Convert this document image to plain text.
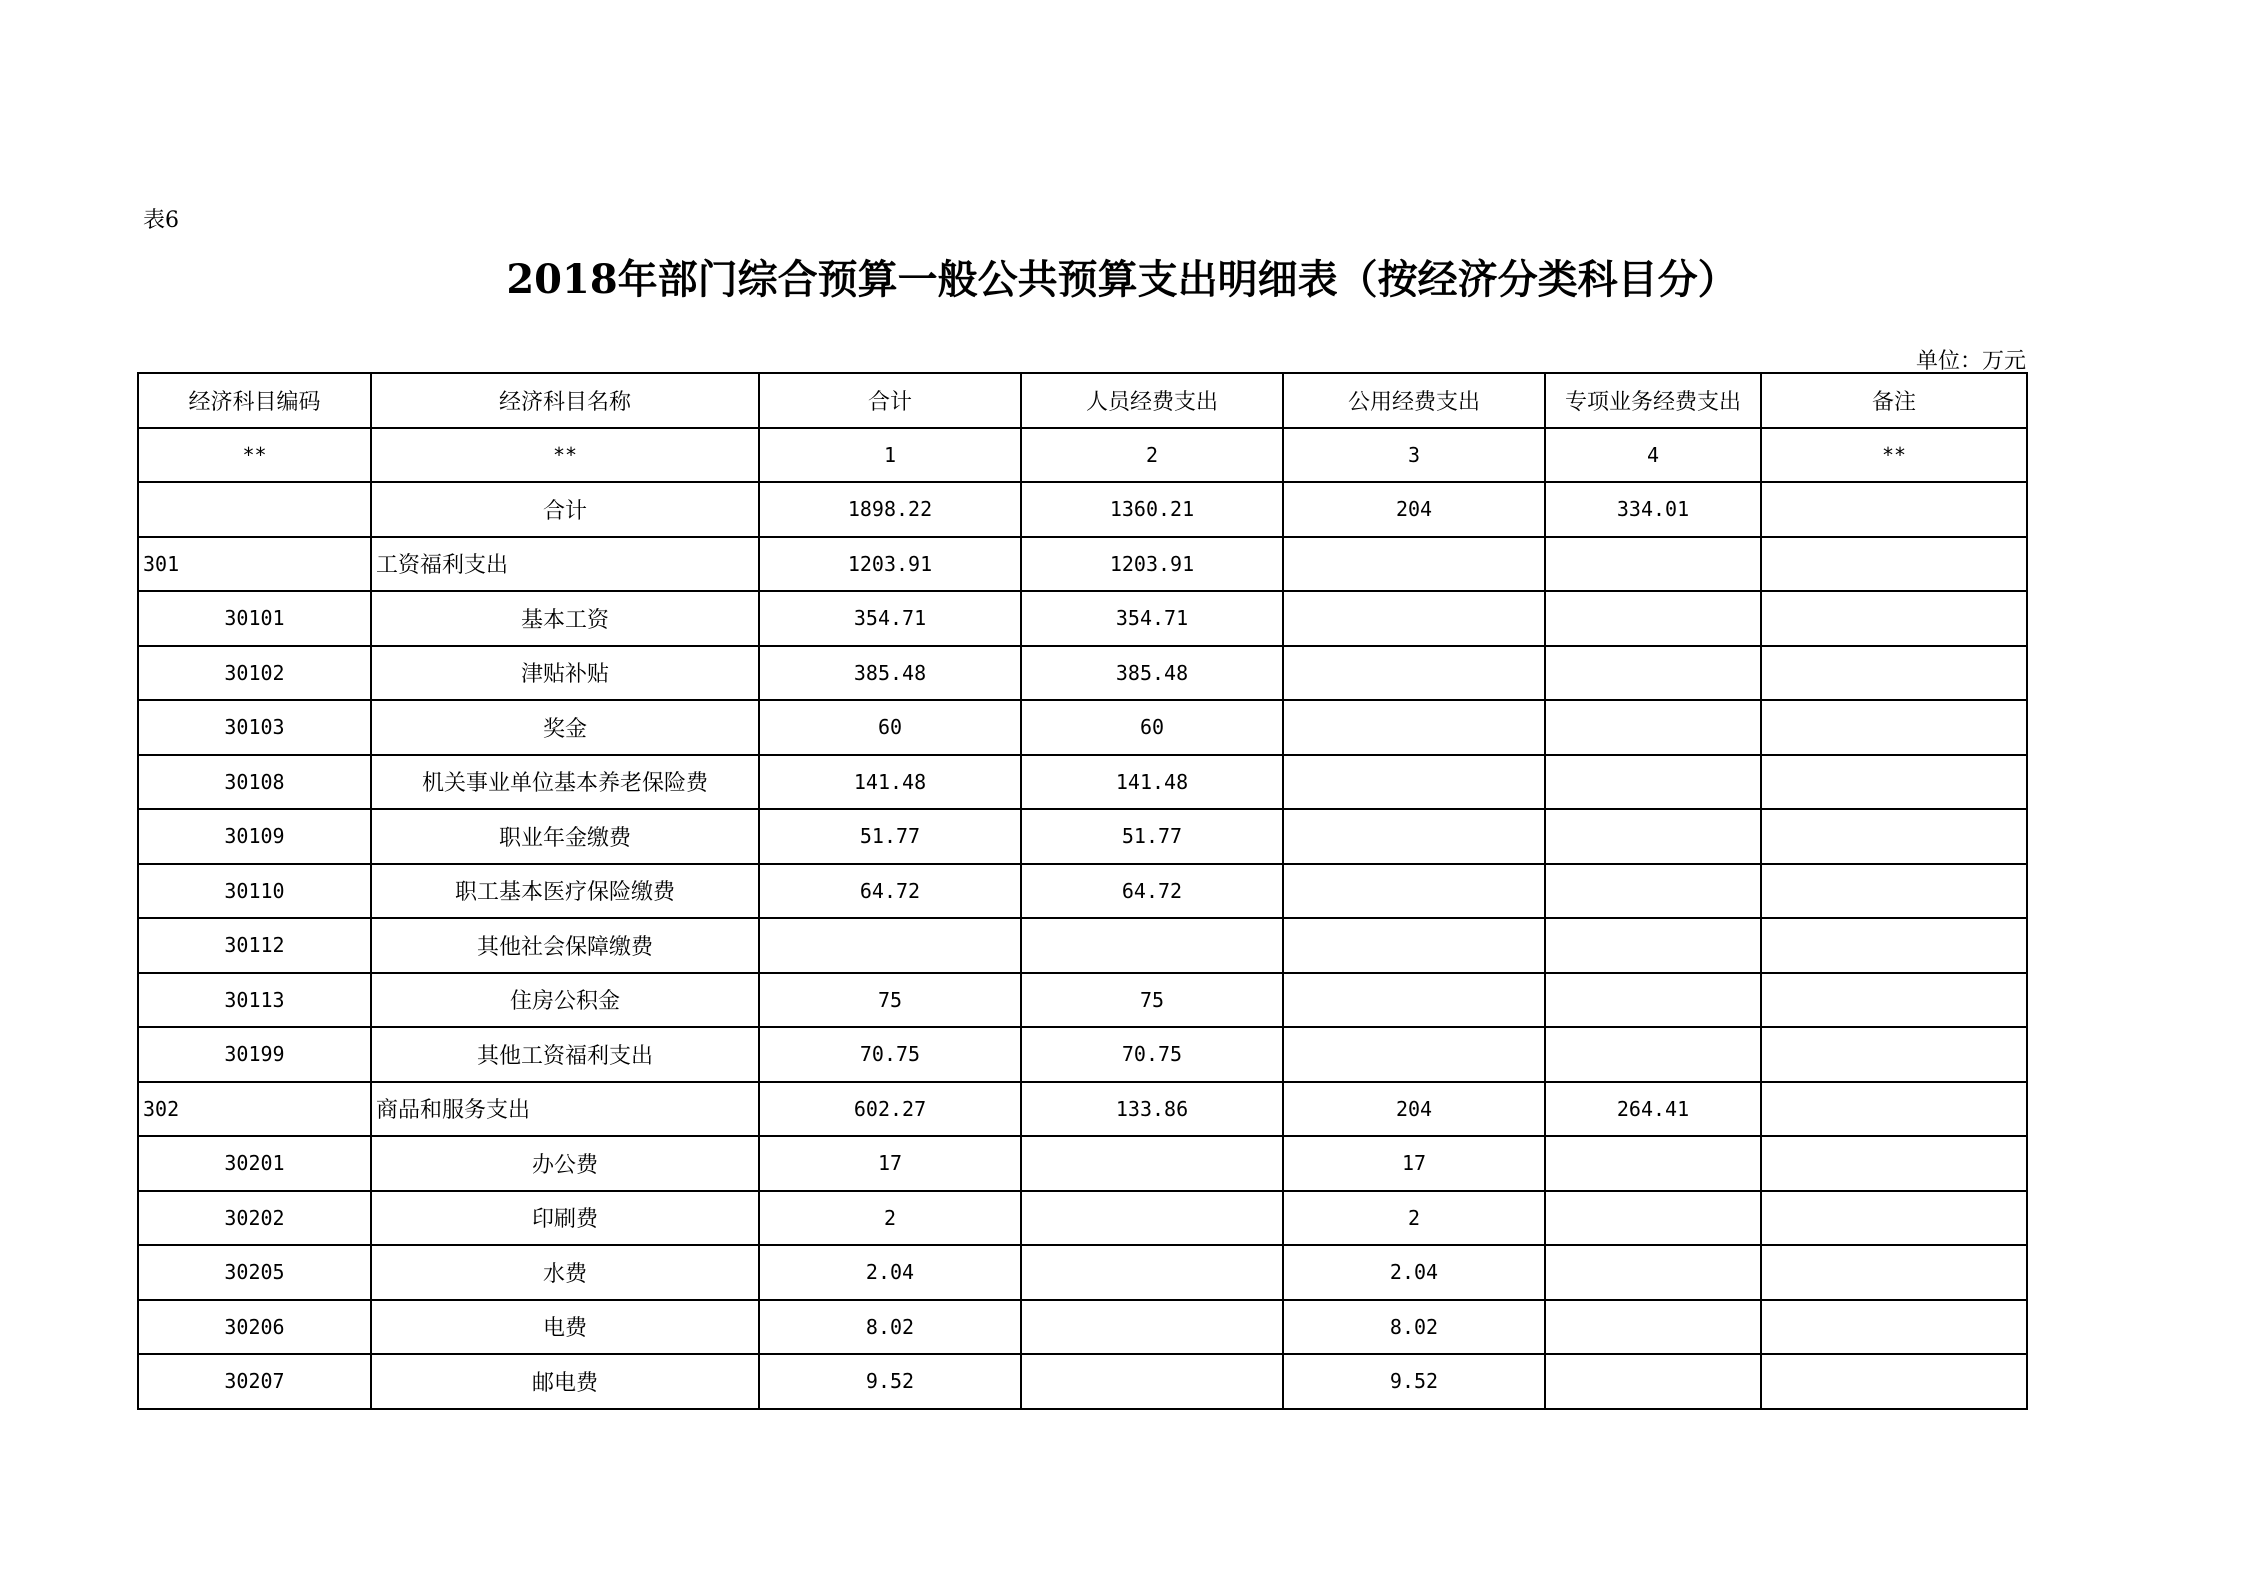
表6
2018年部门综合预算一般公共预算支出明细表（按经济分类科目分）
单位：万元
经济科目编码	经济科目名称	合计	人员经费支出	公用经费支出	专项业务经费支出	备注
**	**	1	2	3	4	**
	合计	1898.22	1360.21	204	334.01	
301	工资福利支出	1203.91	1203.91			
30101	基本工资	354.71	354.71			
30102	津贴补贴	385.48	385.48			
30103	奖金	60	60			
30108	机关事业单位基本养老保险费	141.48	141.48			
30109	职业年金缴费	51.77	51.77			
30110	职工基本医疗保险缴费	64.72	64.72			
30112	其他社会保障缴费					
30113	住房公积金	75	75			
30199	其他工资福利支出	70.75	70.75			
302	商品和服务支出	602.27	133.86	204	264.41	
30201	办公费	17		17		
30202	印刷费	2		2		
30205	水费	2.04		2.04		
30206	电费	8.02		8.02		
30207	邮电费	9.52		9.52		
